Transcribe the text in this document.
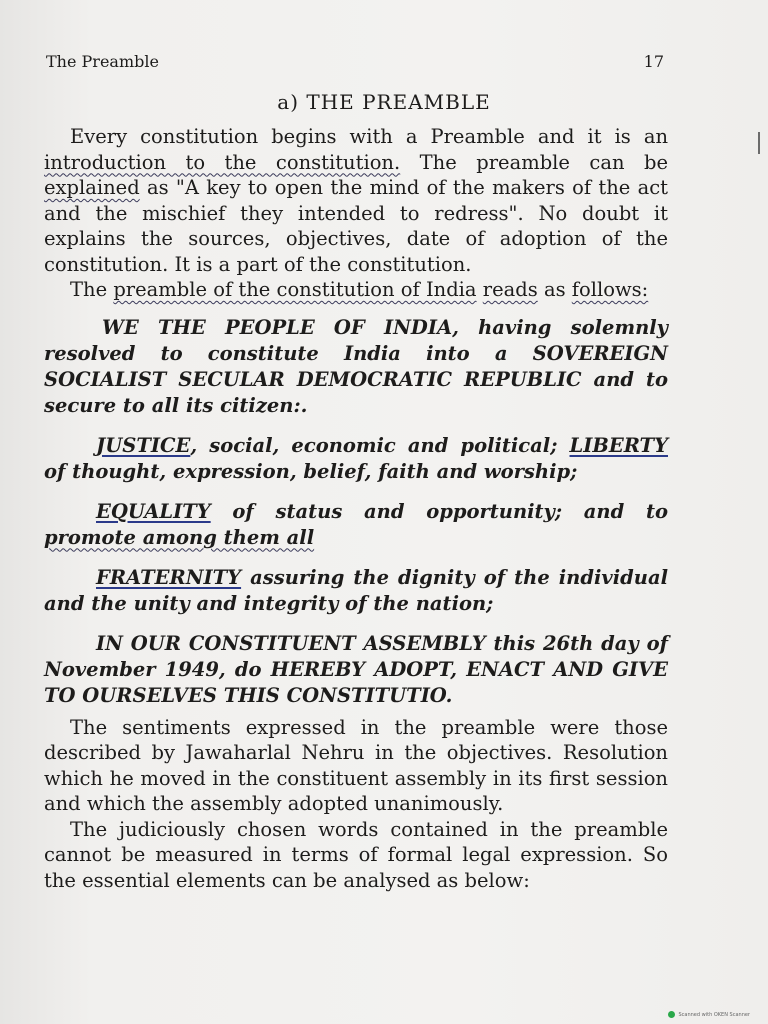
The Preamble	17
a) THE PREAMBLE

Every constitution begins with a Preamble and it is an introduction to the constitution. The preamble can be explained as "A key to open the mind of the makers of the act and the mischief they intended to redress". No doubt it explains the sources, objectives, date of adoption of the constitution. It is a part of the constitution.

The preamble of the constitution of India reads as follows:

WE THE PEOPLE OF INDIA, having solemnly resolved to constitute India into a SOVEREIGN SOCIALIST SECULAR DEMOCRATIC REPUBLIC and to secure to all its citizen:.

JUSTICE, social, economic and political; LIBERTY of thought, expression, belief, faith and worship;

EQUALITY of status and opportunity; and to promote among them all

FRATERNITY assuring the dignity of the individual and the unity and integrity of the nation;

IN OUR CONSTITUENT ASSEMBLY this 26th day of November 1949, do HEREBY ADOPT, ENACT AND GIVE TO OURSELVES THIS CONSTITUTIO.

The sentiments expressed in the preamble were those described by Jawaharlal Nehru in the objectives. Resolution which he moved in the constituent assembly in its first session and which the assembly adopted unanimously.

The judiciously chosen words contained in the preamble cannot be measured in terms of formal legal expression. So the essential elements can be analysed as below:

Scanned with OKEN Scanner
